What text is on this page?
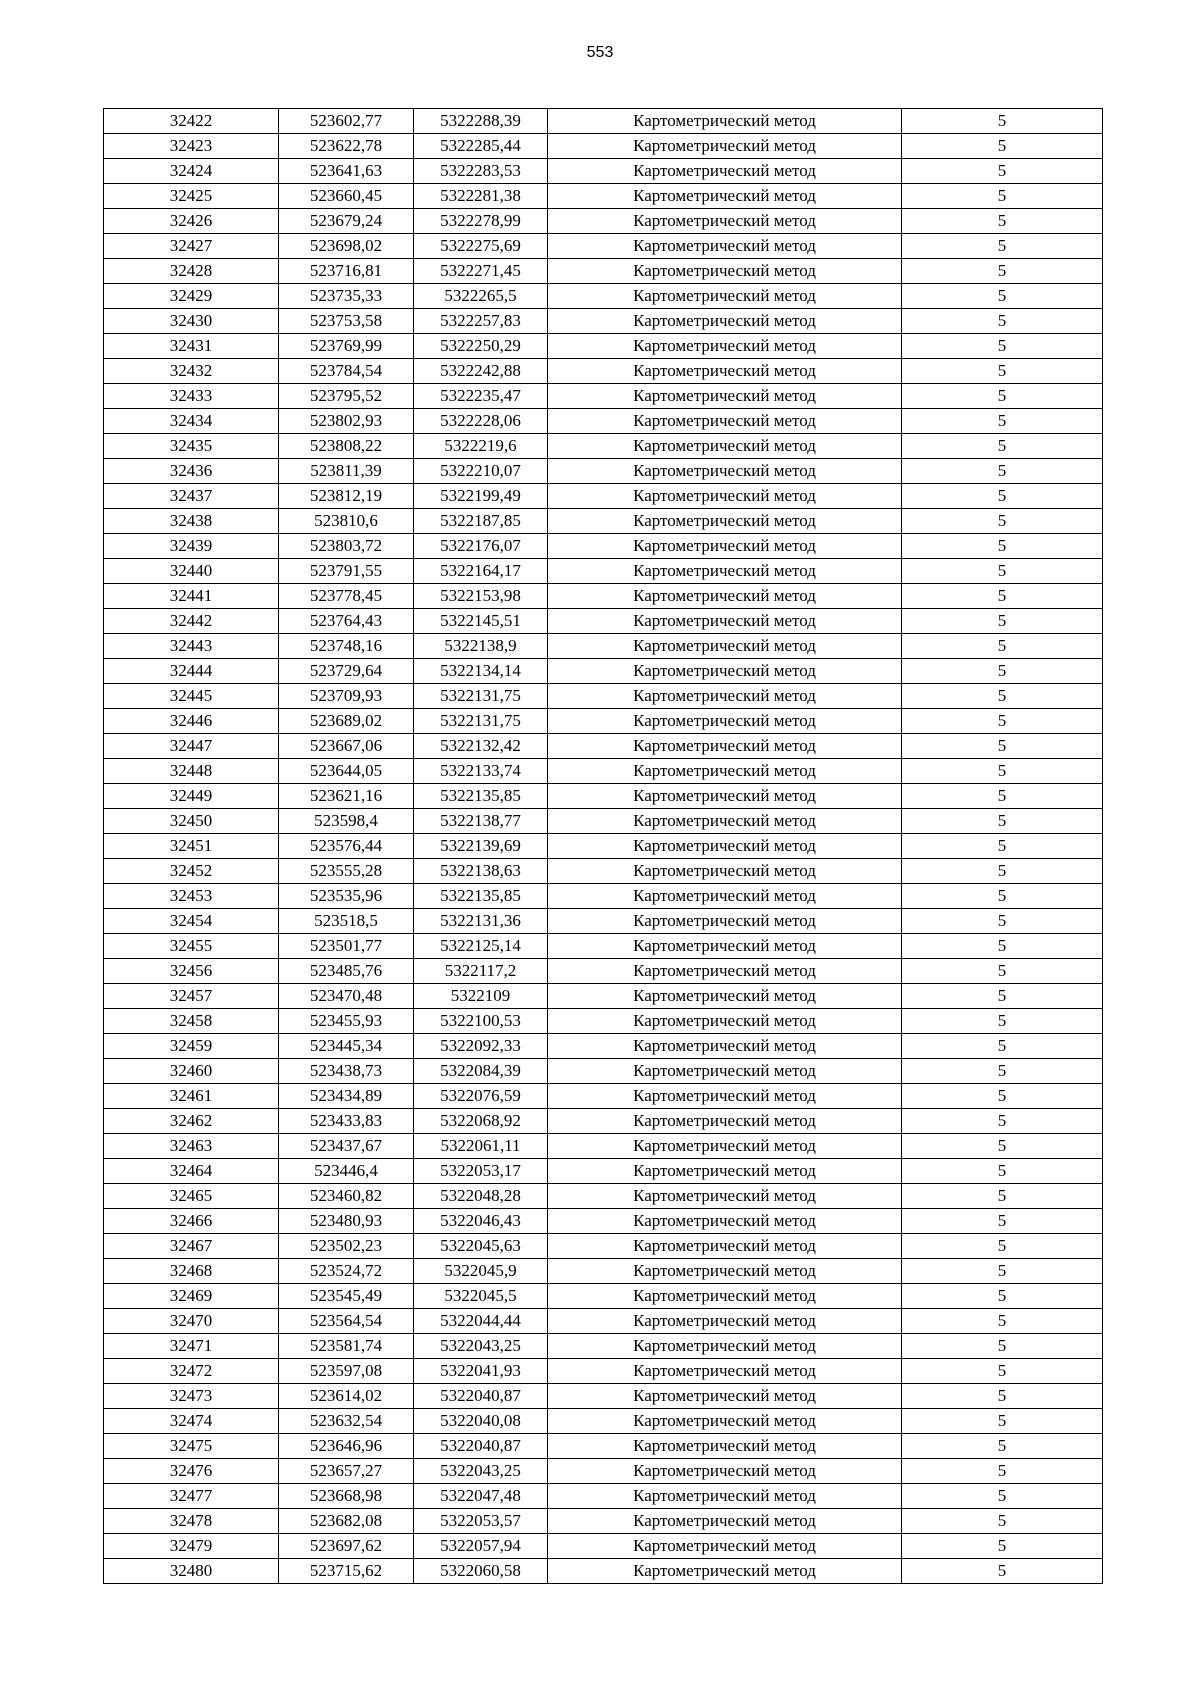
553
32422	523602,77	5322288,39	Картометрический метод	5
32423	523622,78	5322285,44	Картометрический метод	5
32424	523641,63	5322283,53	Картометрический метод	5
32425	523660,45	5322281,38	Картометрический метод	5
32426	523679,24	5322278,99	Картометрический метод	5
32427	523698,02	5322275,69	Картометрический метод	5
32428	523716,81	5322271,45	Картометрический метод	5
32429	523735,33	5322265,5	Картометрический метод	5
32430	523753,58	5322257,83	Картометрический метод	5
32431	523769,99	5322250,29	Картометрический метод	5
32432	523784,54	5322242,88	Картометрический метод	5
32433	523795,52	5322235,47	Картометрический метод	5
32434	523802,93	5322228,06	Картометрический метод	5
32435	523808,22	5322219,6	Картометрический метод	5
32436	523811,39	5322210,07	Картометрический метод	5
32437	523812,19	5322199,49	Картометрический метод	5
32438	523810,6	5322187,85	Картометрический метод	5
32439	523803,72	5322176,07	Картометрический метод	5
32440	523791,55	5322164,17	Картометрический метод	5
32441	523778,45	5322153,98	Картометрический метод	5
32442	523764,43	5322145,51	Картометрический метод	5
32443	523748,16	5322138,9	Картометрический метод	5
32444	523729,64	5322134,14	Картометрический метод	5
32445	523709,93	5322131,75	Картометрический метод	5
32446	523689,02	5322131,75	Картометрический метод	5
32447	523667,06	5322132,42	Картометрический метод	5
32448	523644,05	5322133,74	Картометрический метод	5
32449	523621,16	5322135,85	Картометрический метод	5
32450	523598,4	5322138,77	Картометрический метод	5
32451	523576,44	5322139,69	Картометрический метод	5
32452	523555,28	5322138,63	Картометрический метод	5
32453	523535,96	5322135,85	Картометрический метод	5
32454	523518,5	5322131,36	Картометрический метод	5
32455	523501,77	5322125,14	Картометрический метод	5
32456	523485,76	5322117,2	Картометрический метод	5
32457	523470,48	5322109	Картометрический метод	5
32458	523455,93	5322100,53	Картометрический метод	5
32459	523445,34	5322092,33	Картометрический метод	5
32460	523438,73	5322084,39	Картометрический метод	5
32461	523434,89	5322076,59	Картометрический метод	5
32462	523433,83	5322068,92	Картометрический метод	5
32463	523437,67	5322061,11	Картометрический метод	5
32464	523446,4	5322053,17	Картометрический метод	5
32465	523460,82	5322048,28	Картометрический метод	5
32466	523480,93	5322046,43	Картометрический метод	5
32467	523502,23	5322045,63	Картометрический метод	5
32468	523524,72	5322045,9	Картометрический метод	5
32469	523545,49	5322045,5	Картометрический метод	5
32470	523564,54	5322044,44	Картометрический метод	5
32471	523581,74	5322043,25	Картометрический метод	5
32472	523597,08	5322041,93	Картометрический метод	5
32473	523614,02	5322040,87	Картометрический метод	5
32474	523632,54	5322040,08	Картометрический метод	5
32475	523646,96	5322040,87	Картометрический метод	5
32476	523657,27	5322043,25	Картометрический метод	5
32477	523668,98	5322047,48	Картометрический метод	5
32478	523682,08	5322053,57	Картометрический метод	5
32479	523697,62	5322057,94	Картометрический метод	5
32480	523715,62	5322060,58	Картометрический метод	5
